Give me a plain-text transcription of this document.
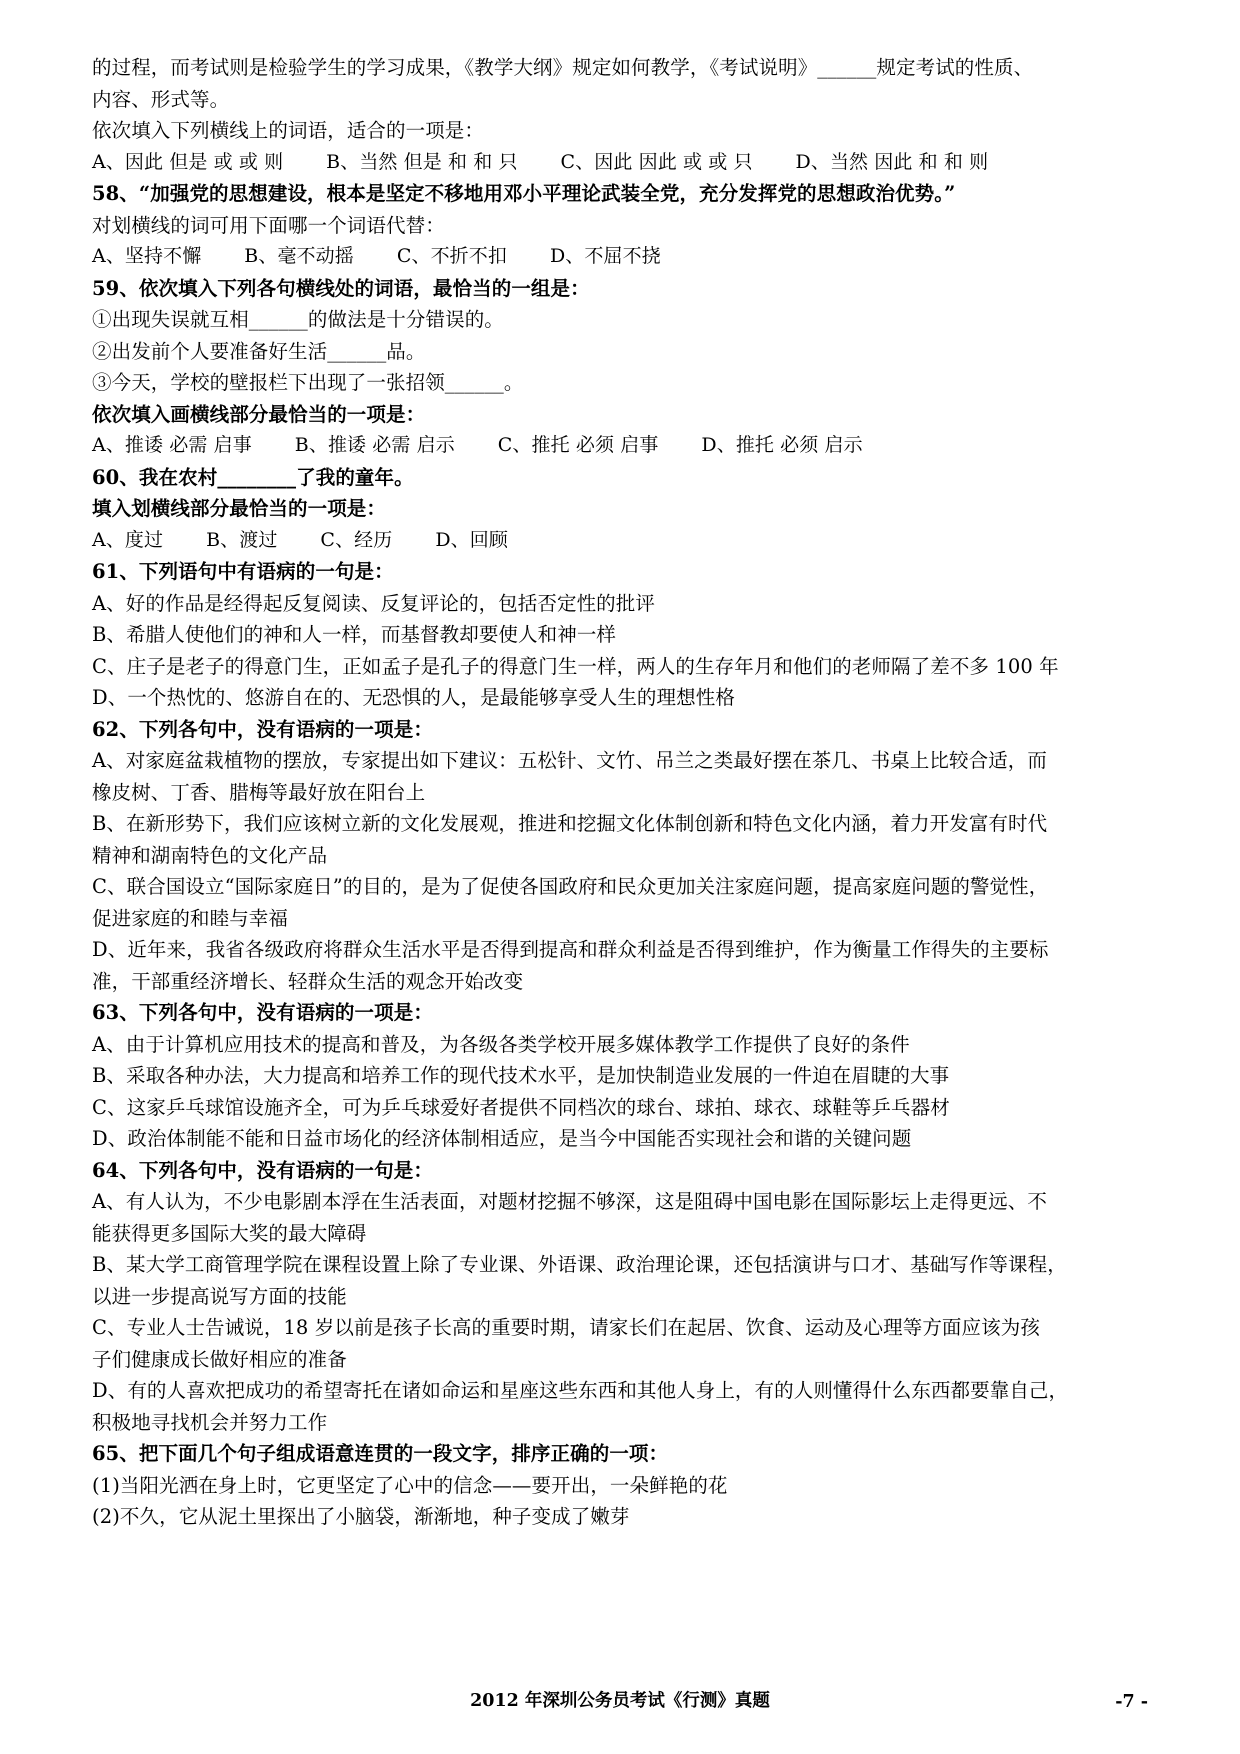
的过程，而考试则是检验学生的学习成果，《教学大纲》规定如何教学，《考试说明》______规定考试的性质、
内容、形式等。
依次填入下列横线上的词语，适合的一项是：
A、因此 但是 或 或 则       B、当然 但是 和 和 只       C、因此 因此 或 或 只       D、当然 因此 和 和 则
58、“加强党的思想建设，根本是坚定不移地用邓小平理论武装全党，充分发挥党的思想政治优势。”
对划横线的词可用下面哪一个词语代替：
A、坚持不懈       B、毫不动摇       C、不折不扣       D、不屈不挠
59、依次填入下列各句横线处的词语，最恰当的一组是：
①出现失误就互相______的做法是十分错误的。
②出发前个人要准备好生活______品。
③今天，学校的壁报栏下出现了一张招领______。
依次填入画横线部分最恰当的一项是：
A、推诿 必需 启事       B、推诿 必需 启示       C、推托 必须 启事       D、推托 必须 启示
60、我在农村________了我的童年。
填入划横线部分最恰当的一项是：
A、度过       B、渡过       C、经历       D、回顾
61、下列语句中有语病的一句是：
A、好的作品是经得起反复阅读、反复评论的，包括否定性的批评
B、希腊人使他们的神和人一样，而基督教却要使人和神一样
C、庄子是老子的得意门生，正如孟子是孔子的得意门生一样，两人的生存年月和他们的老师隔了差不多 100 年
D、一个热忱的、悠游自在的、无恐惧的人，是最能够享受人生的理想性格
62、下列各句中，没有语病的一项是：
A、对家庭盆栽植物的摆放，专家提出如下建议：五松针、文竹、吊兰之类最好摆在茶几、书桌上比较合适，而
橡皮树、丁香、腊梅等最好放在阳台上
B、在新形势下，我们应该树立新的文化发展观，推进和挖掘文化体制创新和特色文化内涵，着力开发富有时代
精神和湖南特色的文化产品
C、联合国设立“国际家庭日”的目的，是为了促使各国政府和民众更加关注家庭问题，提高家庭问题的警觉性，
促进家庭的和睦与幸福
D、近年来，我省各级政府将群众生活水平是否得到提高和群众利益是否得到维护，作为衡量工作得失的主要标
准，干部重经济增长、轻群众生活的观念开始改变
63、下列各句中，没有语病的一项是：
A、由于计算机应用技术的提高和普及，为各级各类学校开展多媒体教学工作提供了良好的条件
B、采取各种办法，大力提高和培养工作的现代技术水平，是加快制造业发展的一件迫在眉睫的大事
C、这家乒乓球馆设施齐全，可为乒乓球爱好者提供不同档次的球台、球拍、球衣、球鞋等乒乓器材
D、政治体制能不能和日益市场化的经济体制相适应，是当今中国能否实现社会和谐的关键问题
64、下列各句中，没有语病的一句是：
A、有人认为，不少电影剧本浮在生活表面，对题材挖掘不够深，这是阻碍中国电影在国际影坛上走得更远、不
能获得更多国际大奖的最大障碍
B、某大学工商管理学院在课程设置上除了专业课、外语课、政治理论课，还包括演讲与口才、基础写作等课程，
以进一步提高说写方面的技能
C、专业人士告诫说，18 岁以前是孩子长高的重要时期，请家长们在起居、饮食、运动及心理等方面应该为孩
子们健康成长做好相应的准备
D、有的人喜欢把成功的希望寄托在诸如命运和星座这些东西和其他人身上，有的人则懂得什么东西都要靠自己，
积极地寻找机会并努力工作
65、把下面几个句子组成语意连贯的一段文字，排序正确的一项：
(1)当阳光洒在身上时，它更坚定了心中的信念——要开出，一朵鲜艳的花
(2)不久，它从泥土里探出了小脑袋，渐渐地，种子变成了嫩芽
2012 年深圳公务员考试《行测》真题	-7 -
